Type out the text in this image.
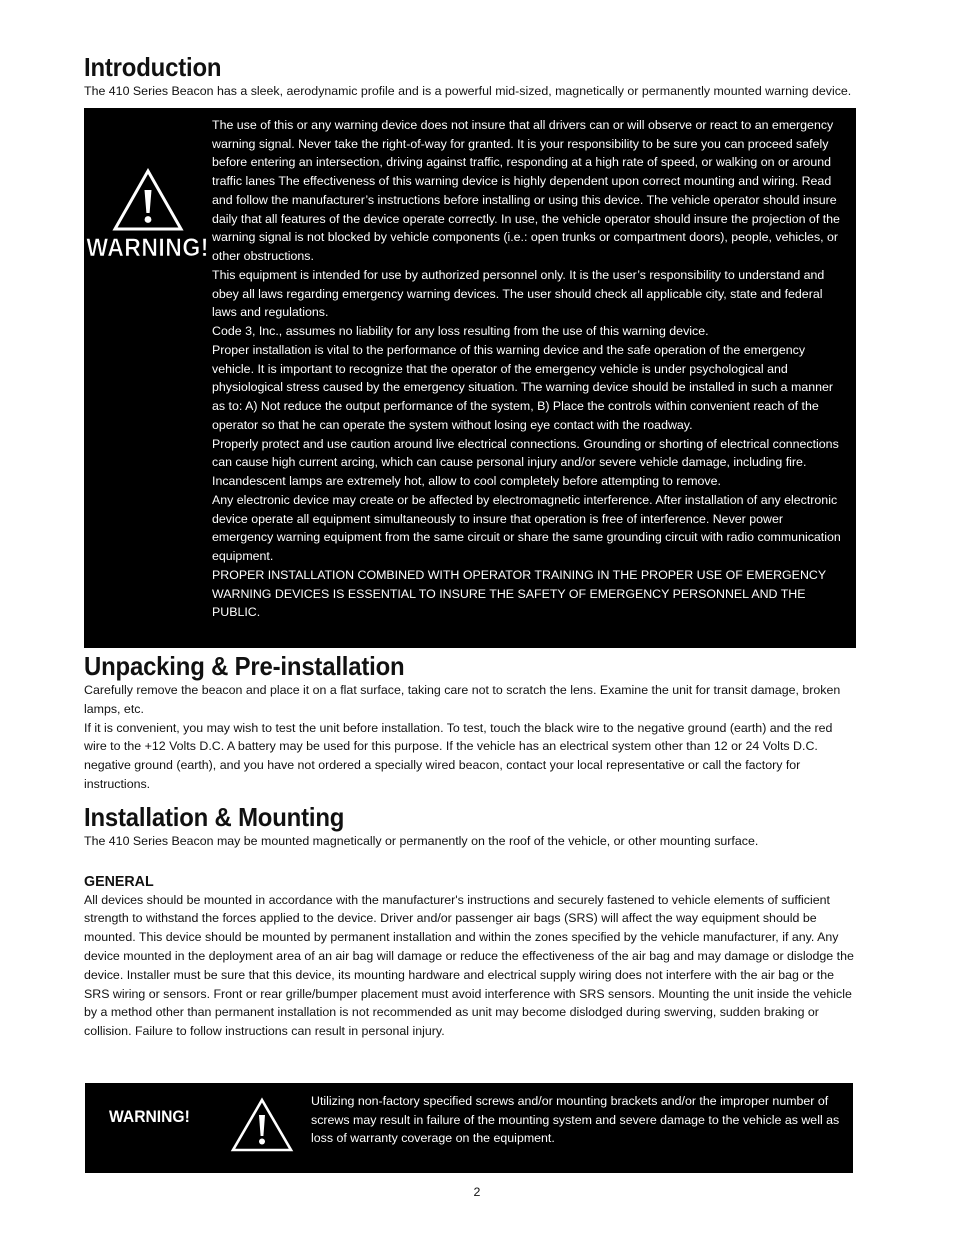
Introduction

The 410 Series Beacon has a sleek, aerodynamic profile and is a powerful mid-sized, magnetically or permanently mounted warning device.

WARNING!

The use of this or any warning device does not insure that all drivers can or will observe or react to an emergency warning signal. Never take the right-of-way for granted. It is your responsibility to be sure you can proceed safely before entering an intersection, driving against traffic, responding at a high rate of speed, or walking on or around traffic lanes The effectiveness of this warning device is highly dependent upon correct mounting and wiring. Read and follow the manufacturer’s instructions before installing or using this device. The vehicle operator should insure daily that all features of the device operate correctly. In use, the vehicle operator should insure the projection of the warning signal is not blocked by vehicle components (i.e.: open trunks or compartment doors), people, vehicles, or other obstructions.

This equipment is intended for use by authorized personnel only. It is the user’s responsibility to understand and obey all laws regarding emergency warning devices. The user should check all applicable city, state and federal laws and regulations.

Code 3, Inc., assumes no liability for any loss resulting from the use of this warning device.

Proper installation is vital to the performance of this warning device and the safe operation of the emergency vehicle. It is important to recognize that the operator of the emergency vehicle is under psychological and physiological stress caused by the emergency situation. The warning device should be installed in such a manner as to: A) Not reduce the output performance of the system, B) Place the controls within convenient reach of the operator so that he can operate the system without losing eye contact with the roadway.

Properly protect and use caution around live electrical connections. Grounding or shorting of electrical connections can cause high current arcing, which can cause personal injury and/or severe vehicle damage, including fire. Incandescent lamps are extremely hot, allow to cool completely before attempting to remove.

Any electronic device may create or be affected by electromagnetic interference. After installation of any electronic device operate all equipment simultaneously to insure that operation is free of interference. Never power emergency warning equipment from the same circuit or share the same grounding circuit with radio communication equipment.

PROPER INSTALLATION COMBINED WITH OPERATOR TRAINING IN THE PROPER USE OF EMERGENCY WARNING DEVICES IS ESSENTIAL TO INSURE THE SAFETY OF EMERGENCY PERSONNEL AND THE PUBLIC.

Unpacking & Pre-installation

Carefully remove the beacon and place it on a flat surface, taking care not to scratch the lens. Examine the unit for transit damage, broken lamps, etc.

If it is convenient, you may wish to test the unit before installation. To test, touch the black wire to the negative ground (earth) and the red wire to the +12 Volts D.C. A battery may be used for this purpose. If the vehicle has an electrical system other than 12 or 24 Volts D.C. negative ground (earth), and you have not ordered a specially wired beacon, contact your local representative or call the factory for instructions.

Installation & Mounting

The 410 Series Beacon may be mounted magnetically or permanently on the roof of the vehicle, or other mounting surface.

GENERAL

All devices should be mounted in accordance with the manufacturer's instructions and securely fastened to vehicle elements of sufficient strength to withstand the forces applied to the device. Driver and/or passenger air bags (SRS) will affect the way equipment should be mounted. This device should be mounted by permanent installation and within the zones specified by the vehicle manufacturer, if any. Any device mounted in the deployment area of an air bag will damage or reduce the effectiveness of the air bag and may damage or dislodge the device. Installer must be sure that this device, its mounting hardware and electrical supply wiring does not interfere with the air bag or the SRS wiring or sensors. Front or rear grille/bumper placement must avoid interference with SRS sensors. Mounting the unit inside the vehicle by a method other than permanent installation is not recommended as unit may become dislodged during swerving, sudden braking or collision. Failure to follow instructions can result in personal injury.

WARNING!

Utilizing non-factory specified screws and/or mounting brackets and/or the improper number of screws may result in failure of the mounting system and severe damage to the vehicle as well as loss of warranty coverage on the equipment.

2
